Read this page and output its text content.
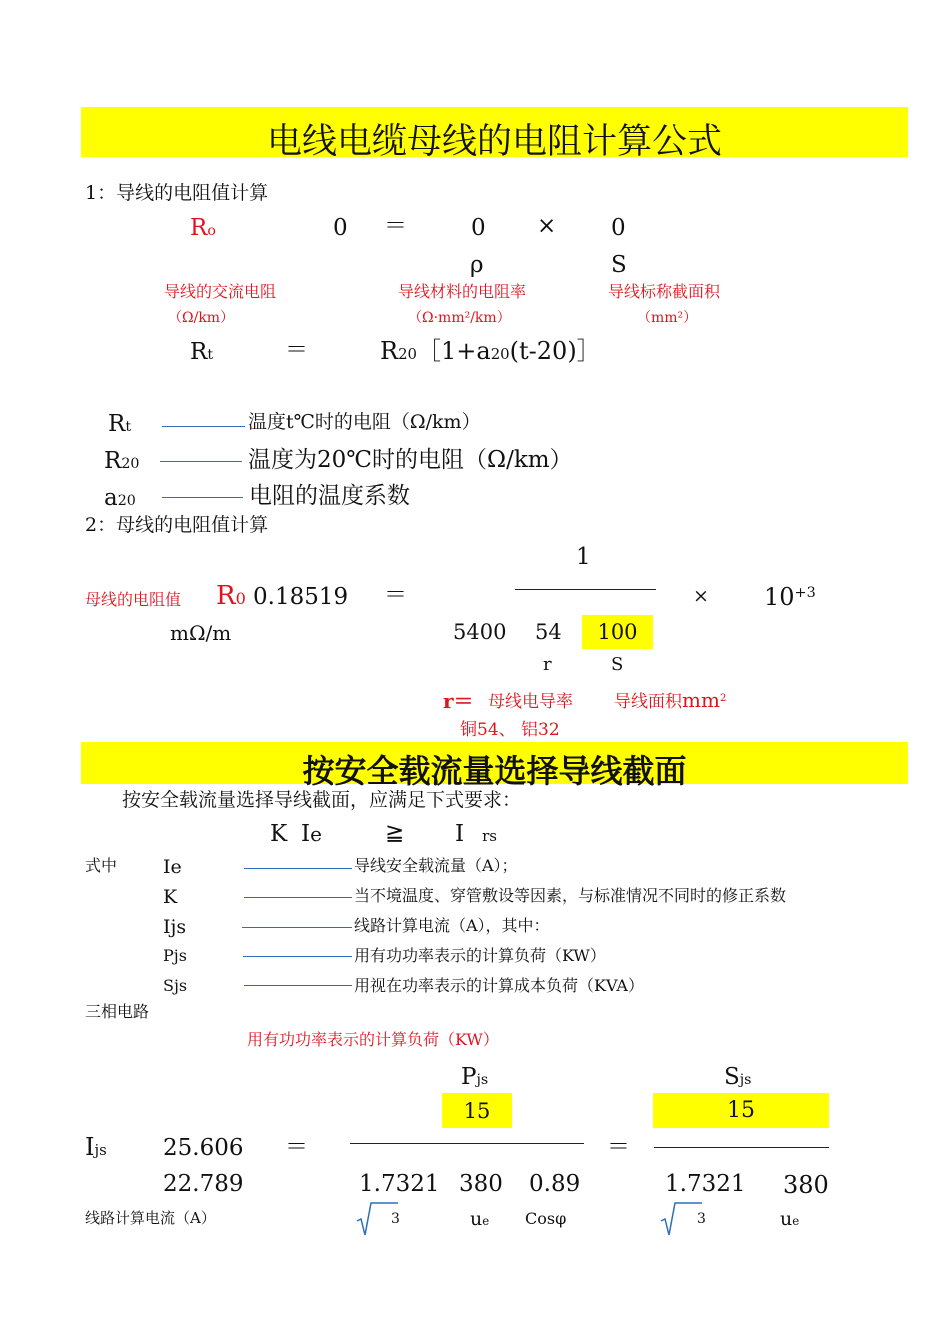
电线电缆母线的电阻计算公式
1：导线的电阻值计算
Ro	0 ＝	0 × 0
ρ	S
导线的交流电阻
（Ω/km）
导线材料的电阻率
（Ω·mm²/km）
导线标称截面积
（mm²）
Rt	＝	R20［1+a20(t-20)］
Rt	温度t℃时的电阻（Ω/km）
R20	温度为20℃时的电阻（Ω/km）
a20	电阻的温度系数
2：母线的电阻值计算
1
母线的电阻值 R0 0.18519 ＝	× $10^{+3}$
mΩ/m	5400 54	100
r	S
r＝ 母线电导率 导线面积$mm^2$
铜54、 铝32
按安全载流量选择导线截面
按安全载流量选择导线截面，应满足下式要求：
K Ie	≧ I rs
式中 Ie	导线安全载流量（A）；
K	当不境温度、穿管敷设等因素，与标准情况不同时的修正系数
Ijs	线路计算电流（A），其中：
Pjs	用有功功率表示的计算负荷（KW）
Sjs	用视在功率表示的计算成本负荷（KVA）
三相电路
用有功功率表示的计算负荷（KW）
Pjs	Sjs
15	15
Ijs 25.606 ＝	＝
22.789	1.7321 380 0.89	1.7321 380
线路计算电流（A）	3	ue Cosφ	3	ue
